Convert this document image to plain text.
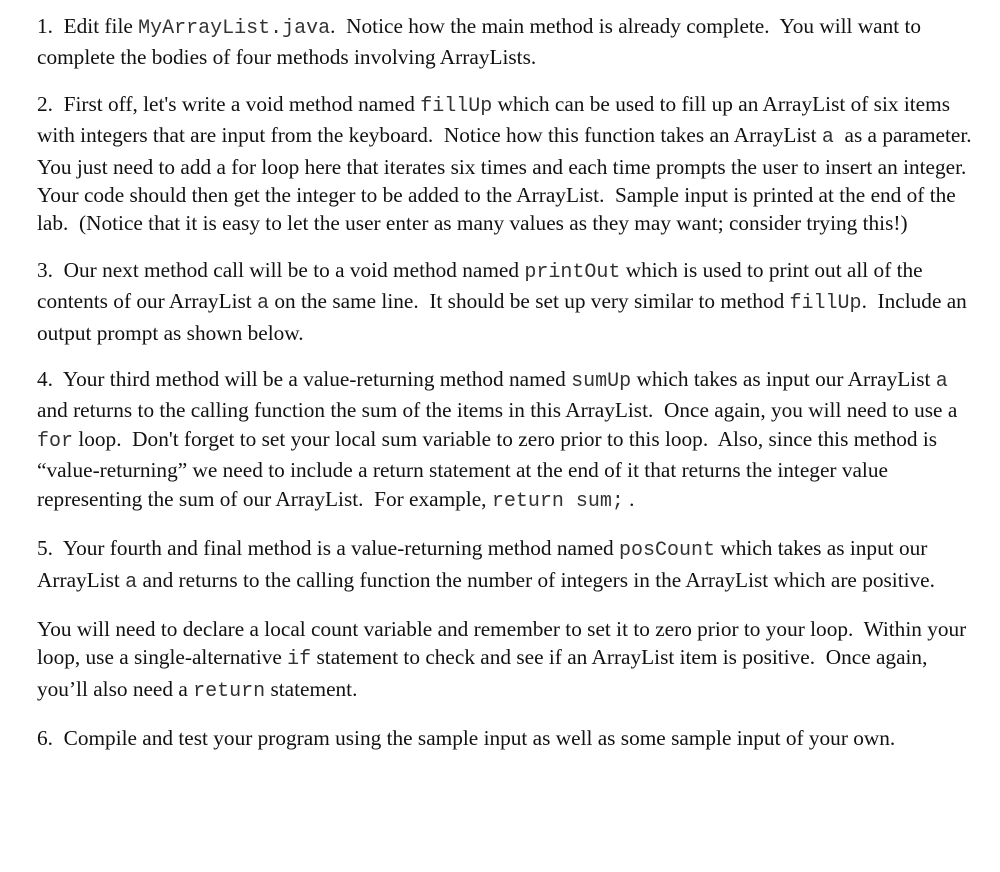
1.  Edit file MyArrayList.java.  Notice how the main method is already complete.  You will want to complete the bodies of four methods involving ArrayLists.

2.  First off, let's write a void method named fillUp which can be used to fill up an ArrayList of six items with integers that are input from the keyboard.  Notice how this function takes an ArrayList a  as a parameter.  You just need to add a for loop here that iterates six times and each time prompts the user to insert an integer.  Your code should then get the integer to be added to the ArrayList.  Sample input is printed at the end of the lab.  (Notice that it is easy to let the user enter as many values as they may want; consider trying this!)

3.  Our next method call will be to a void method named printOut which is used to print out all of the contents of our ArrayList a on the same line.  It should be set up very similar to method fillUp.  Include an output prompt as shown below.

4.  Your third method will be a value-returning method named sumUp which takes as input our ArrayList a and returns to the calling function the sum of the items in this ArrayList.  Once again, you will need to use a for loop.  Don't forget to set your local sum variable to zero prior to this loop.  Also, since this method is “value-returning” we need to include a return statement at the end of it that returns the integer value representing the sum of our ArrayList.  For example, return sum; .

5.  Your fourth and final method is a value-returning method named posCount which takes as input our ArrayList a and returns to the calling function the number of integers in the ArrayList which are positive.

You will need to declare a local count variable and remember to set it to zero prior to your loop.  Within your loop, use a single-alternative if statement to check and see if an ArrayList item is positive.  Once again, you’ll also need a return statement.

6.  Compile and test your program using the sample input as well as some sample input of your own.
